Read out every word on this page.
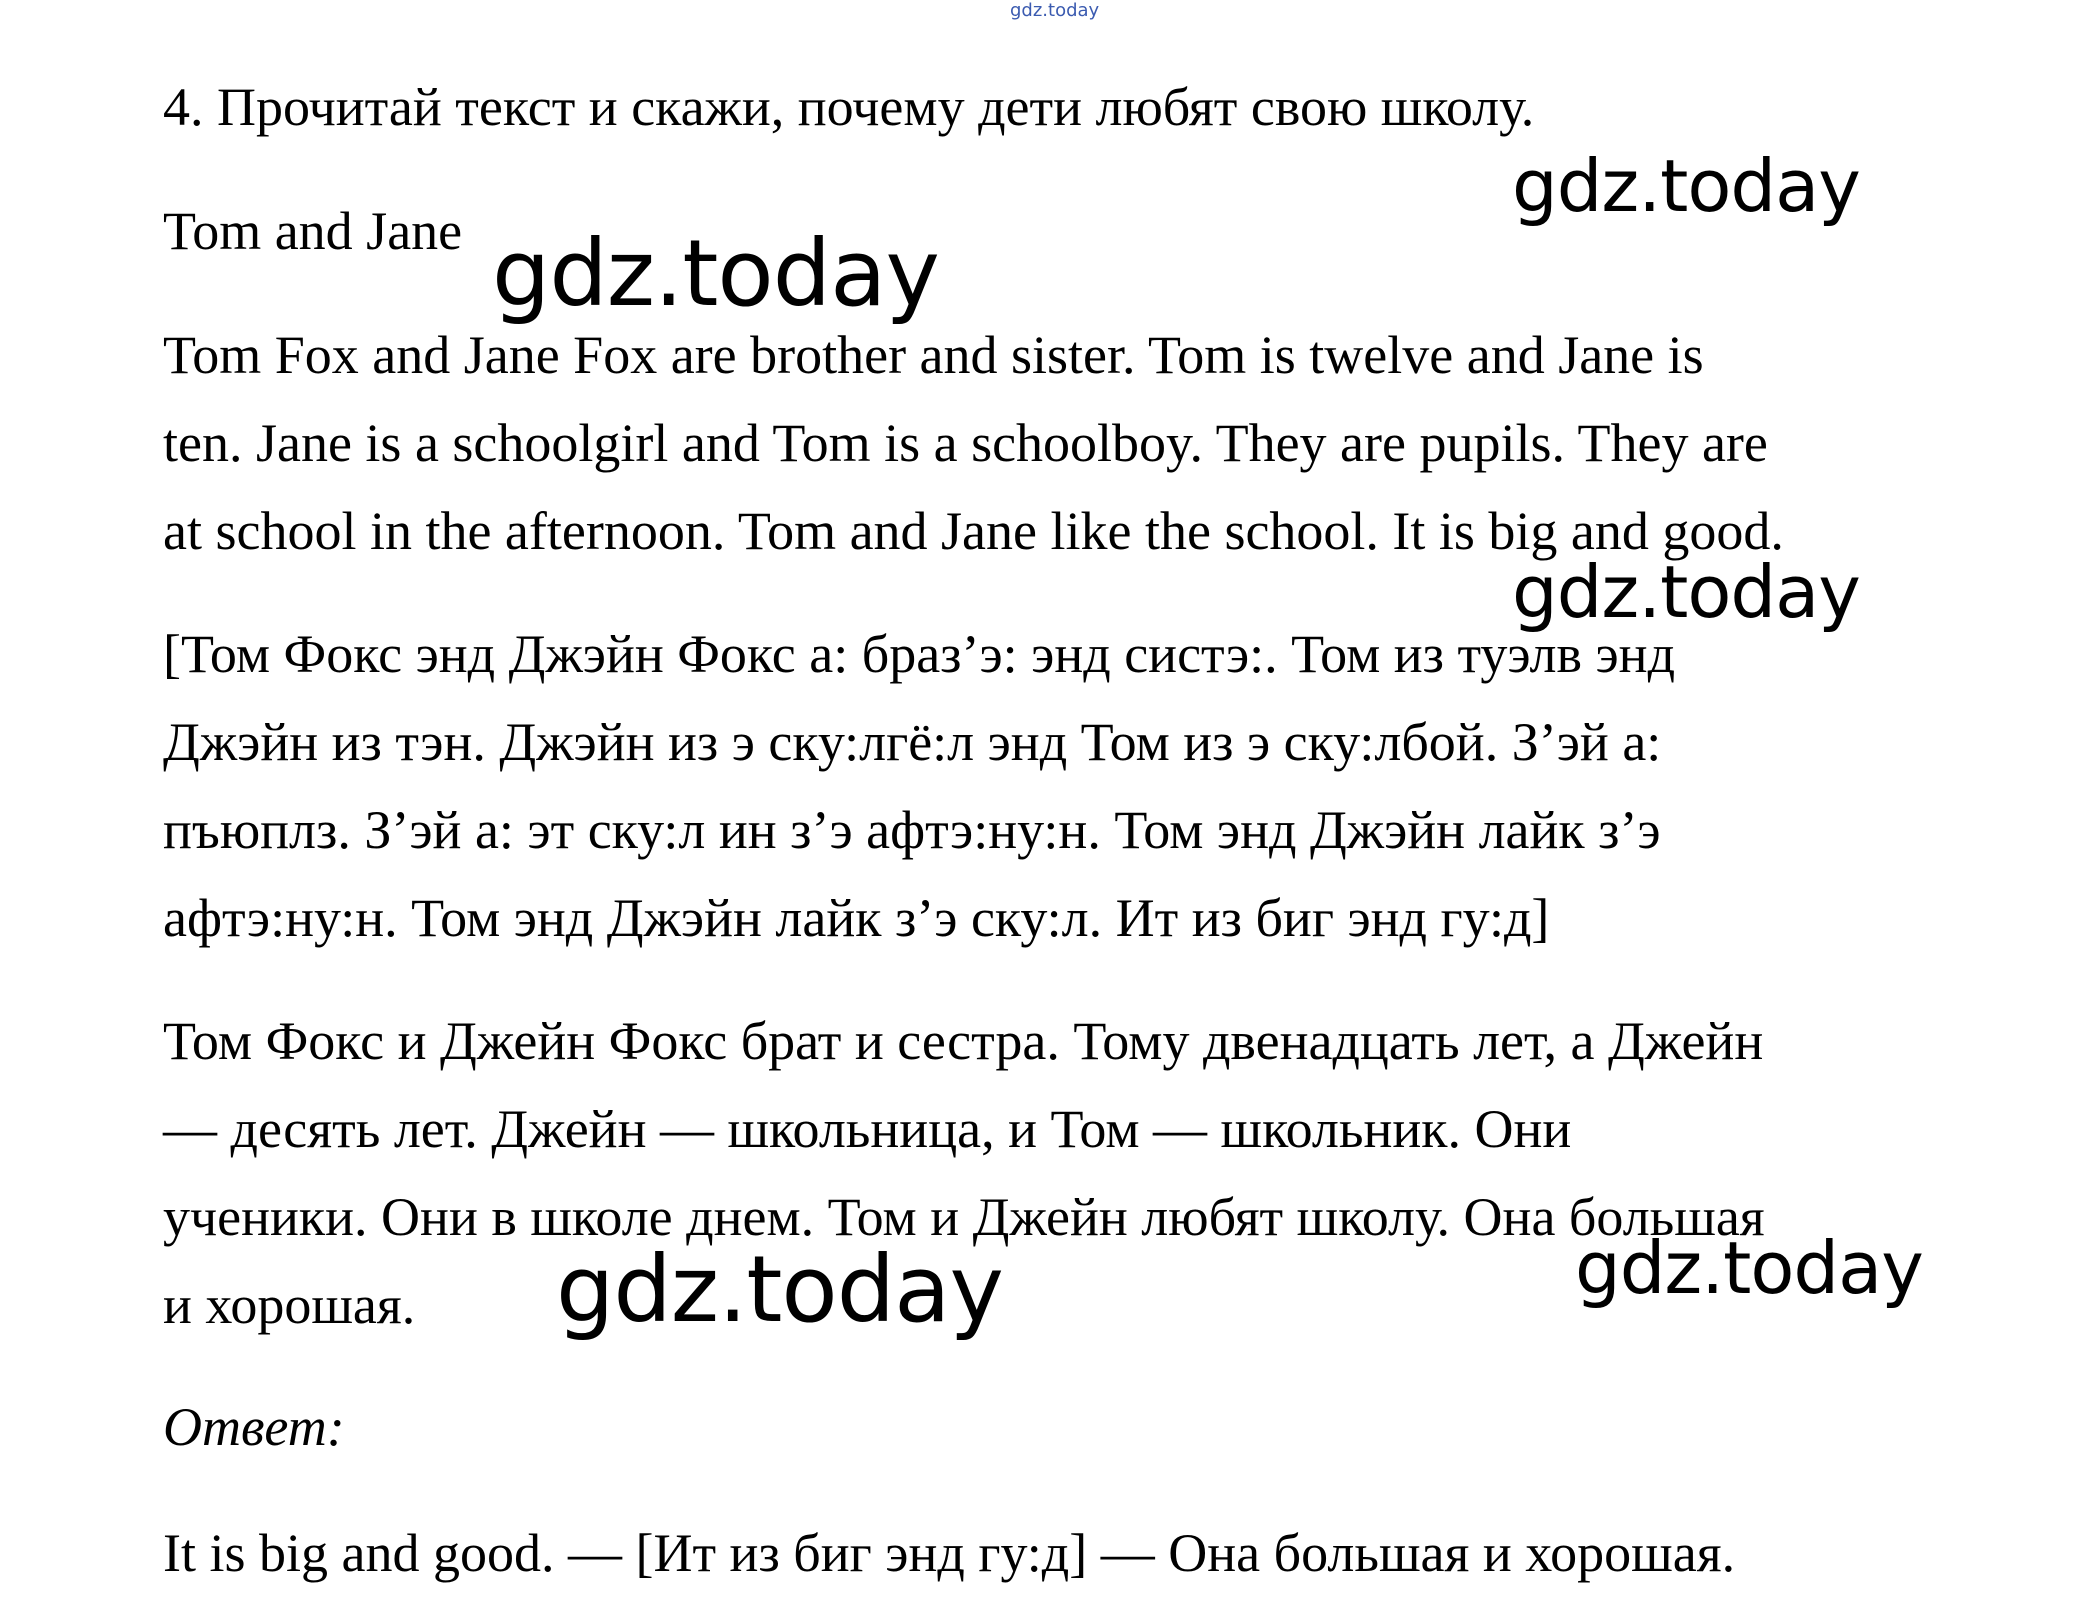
gdz.today

4. Прочитай текст и скажи, почему дети любят свою школу.

Tom and Jane

Tom Fox and Jane Fox are brother and sister. Tom is twelve and Jane is

ten. Jane is a schoolgirl and Tom is a schoolboy. They are pupils. They are

at school in the afternoon. Tom and Jane like the school. It is big and good.

[Том Фокс энд Джэйн Фокс а: браз’э: энд систэ:. Том из туэлв энд

Джэйн из тэн. Джэйн из э ску:лгё:л энд Том из э ску:лбой. З’эй а:

пъюплз. З’эй а: эт ску:л ин з’э афтэ:ну:н. Том энд Джэйн лайк з’э

афтэ:ну:н. Том энд Джэйн лайк з’э ску:л. Ит из биг энд гу:д]

Том Фокс и Джейн Фокс брат и сестра. Тому двенадцать лет, а Джейн

— десять лет. Джейн — школьница, и Том — школьник. Они

ученики. Они в школе днем. Том и Джейн любят школу. Она большая

и хорошая.

Ответ:

It is big and good. — [Ит из биг энд гу:д] — Она большая и хорошая.

gdz.today
gdz.today
gdz.today
gdz.today
gdz.today
